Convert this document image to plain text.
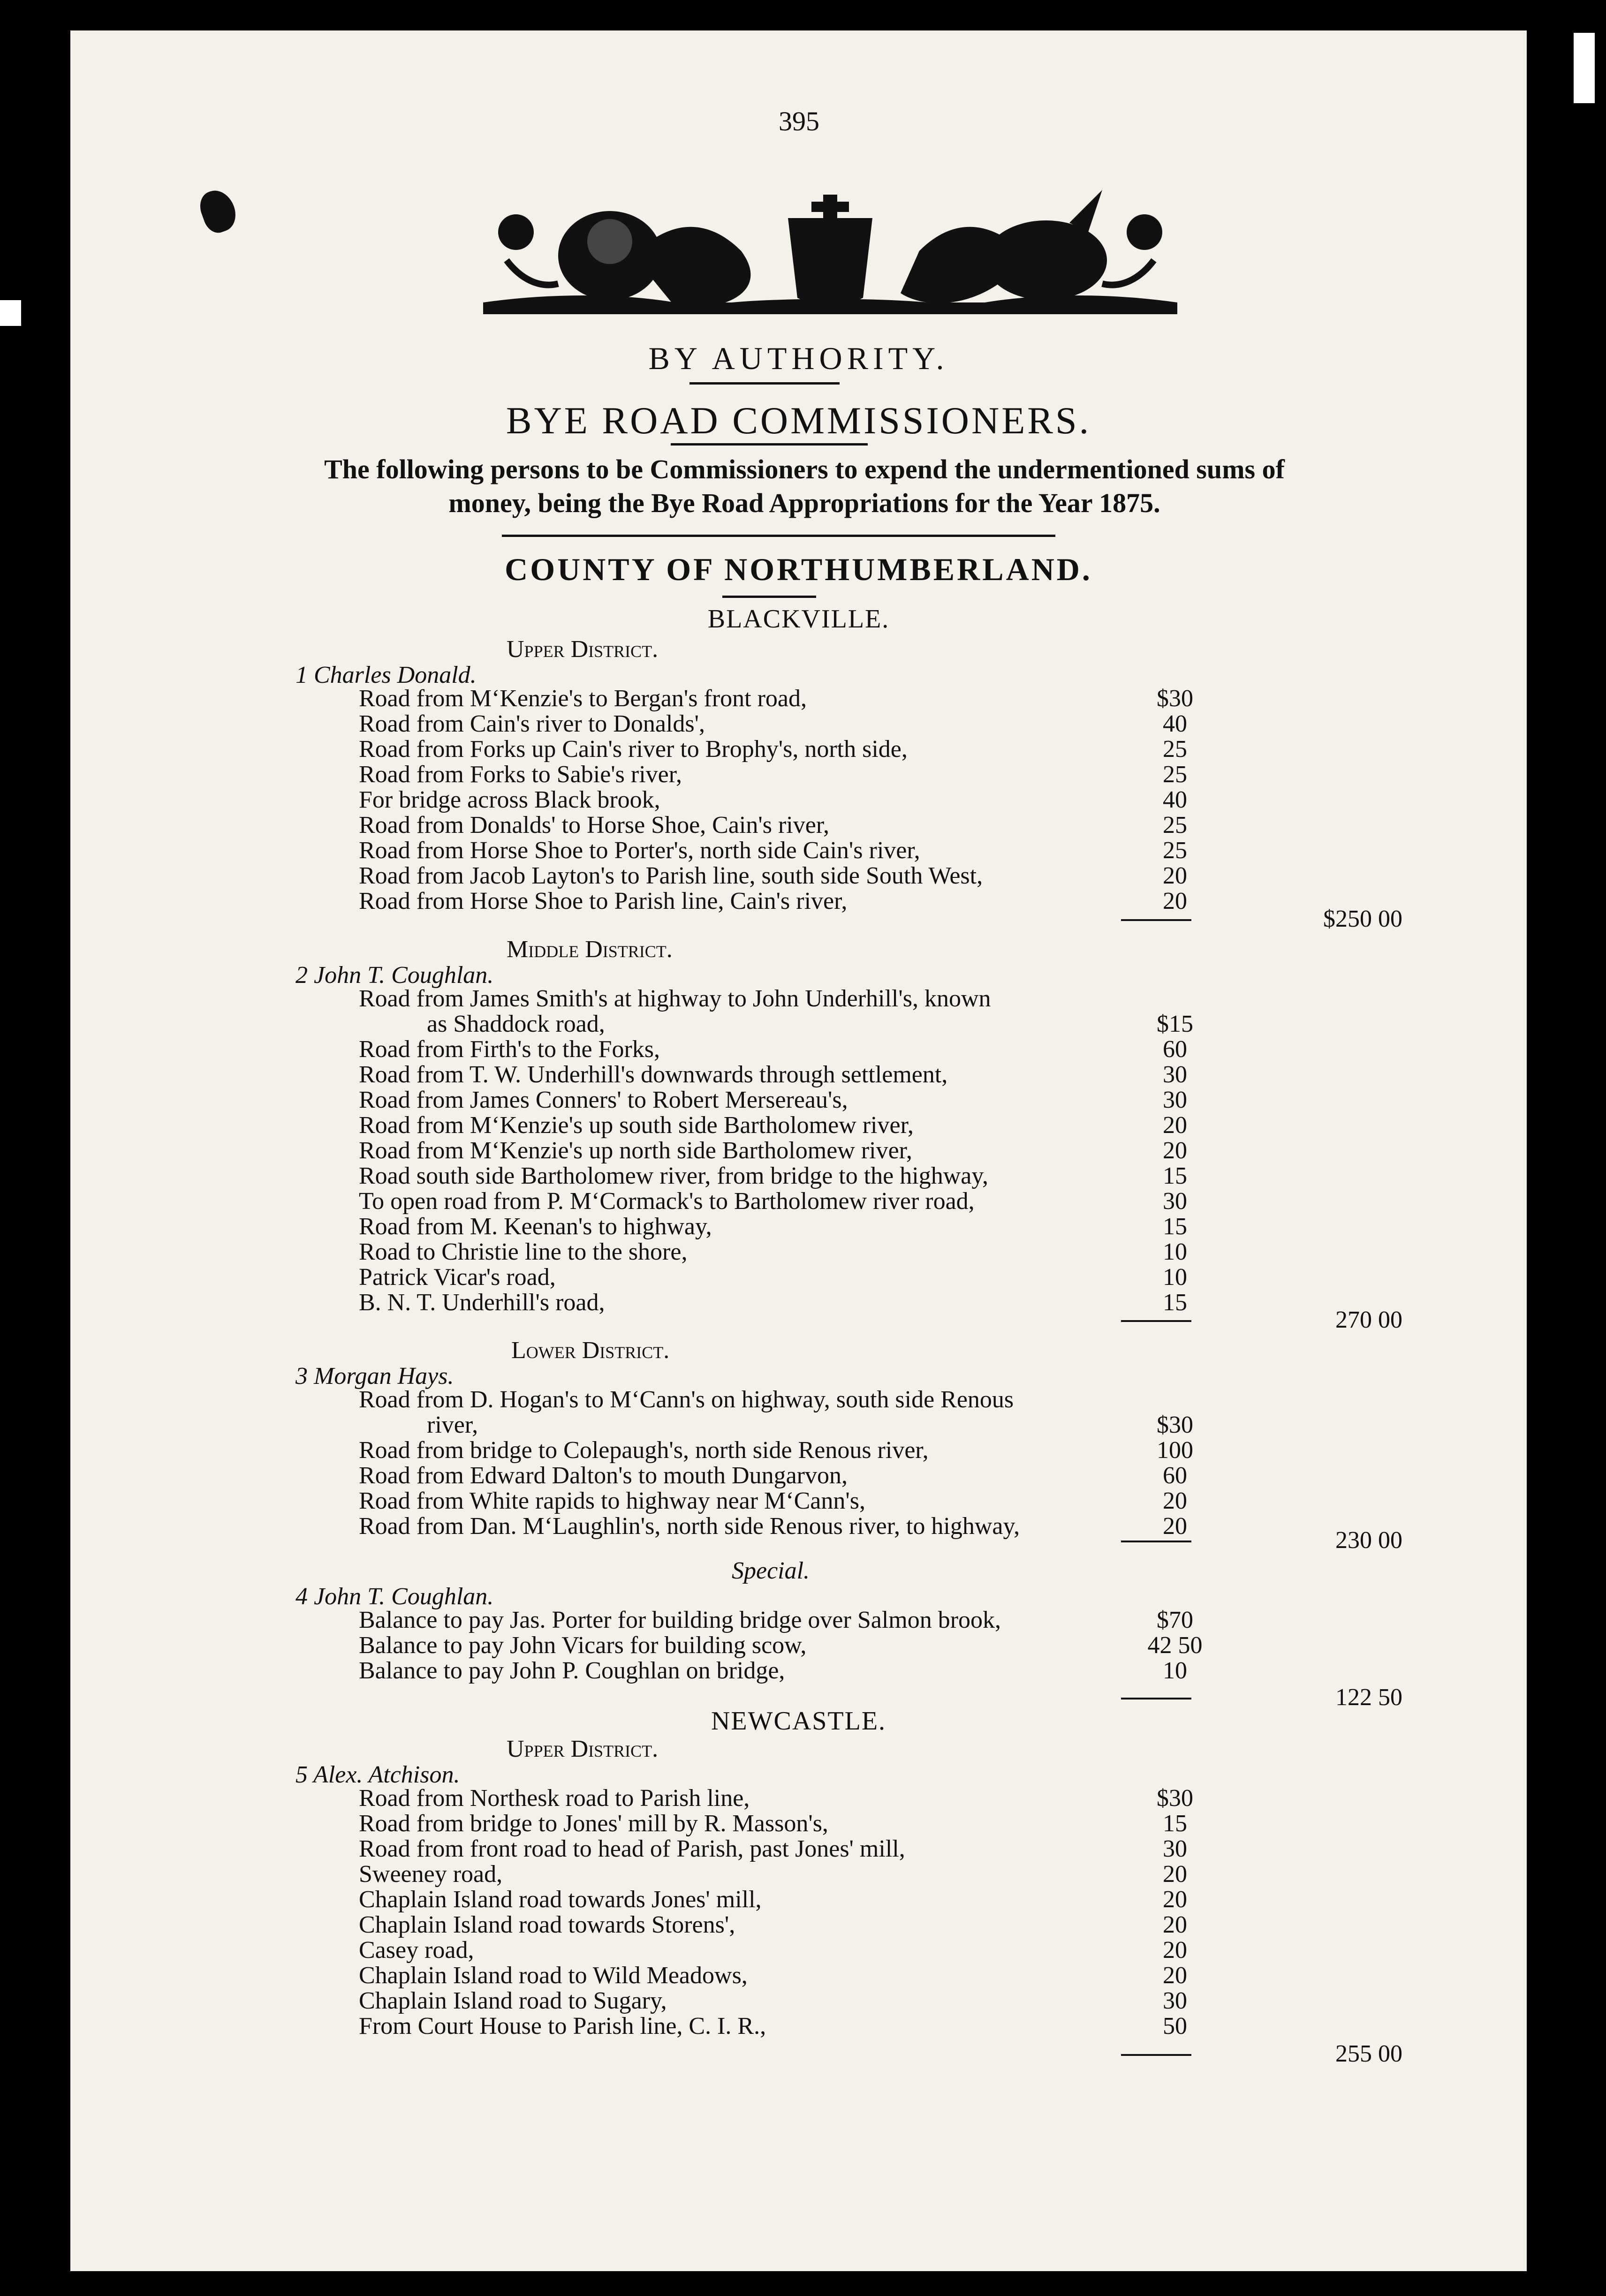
395
BY AUTHORITY.
BYE ROAD COMMISSIONERS.
The following persons to be Commissioners to expend the undermentioned sums of money, being the Bye Road Appropriations for the Year 1875.
COUNTY OF NORTHUMBERLAND.
BLACKVILLE.
NEWCASTLE.
Upper District.
1 Charles Donald.
Road from M‘Kenzie's to Bergan's front road,	$30
Road from Cain's river to Donalds',	40
Road from Forks up Cain's river to Brophy's, north side,	25
Road from Forks to Sabie's river,	25
For bridge across Black brook,	40
Road from Donalds' to Horse Shoe, Cain's river,	25
Road from Horse Shoe to Porter's, north side Cain's river,	25
Road from Jacob Layton's to Parish line, south side South West,	20
Road from Horse Shoe to Parish line, Cain's river,	20
$250 00
Middle District.
2 John T. Coughlan.
Road from James Smith's at highway to John Underhill's, known
as Shaddock road,	$15
Road from Firth's to the Forks,	60
Road from T. W. Underhill's downwards through settlement,	30
Road from James Conners' to Robert Mersereau's,	30
Road from M‘Kenzie's up south side Bartholomew river,	20
Road from M‘Kenzie's up north side Bartholomew river,	20
Road south side Bartholomew river, from bridge to the highway,	15
To open road from P. M‘Cormack's to Bartholomew river road,	30
Road from M. Keenan's to highway,	15
Road to Christie line to the shore,	10
Patrick Vicar's road,	10
B. N. T. Underhill's road,	15
270 00
Lower District.
3 Morgan Hays.
Road from D. Hogan's to M‘Cann's on highway, south side Renous
river,	$30
Road from bridge to Colepaugh's, north side Renous river,	100
Road from Edward Dalton's to mouth Dungarvon,	60
Road from White rapids to highway near M‘Cann's,	20
Road from Dan. M‘Laughlin's, north side Renous river, to highway,	20
230 00
Special.
4 John T. Coughlan.
Balance to pay Jas. Porter for building bridge over Salmon brook,	$70
Balance to pay John Vicars for building scow,	42 50
Balance to pay John P. Coughlan on bridge,	10
122 50
Upper District.
5 Alex. Atchison.
Road from Northesk road to Parish line,	$30
Road from bridge to Jones' mill by R. Masson's,	15
Road from front road to head of Parish, past Jones' mill,	30
Sweeney road,	20
Chaplain Island road towards Jones' mill,	20
Chaplain Island road towards Storens',	20
Casey road,	20
Chaplain Island road to Wild Meadows,	20
Chaplain Island road to Sugary,	30
From Court House to Parish line, C. I. R.,	50
255 00
